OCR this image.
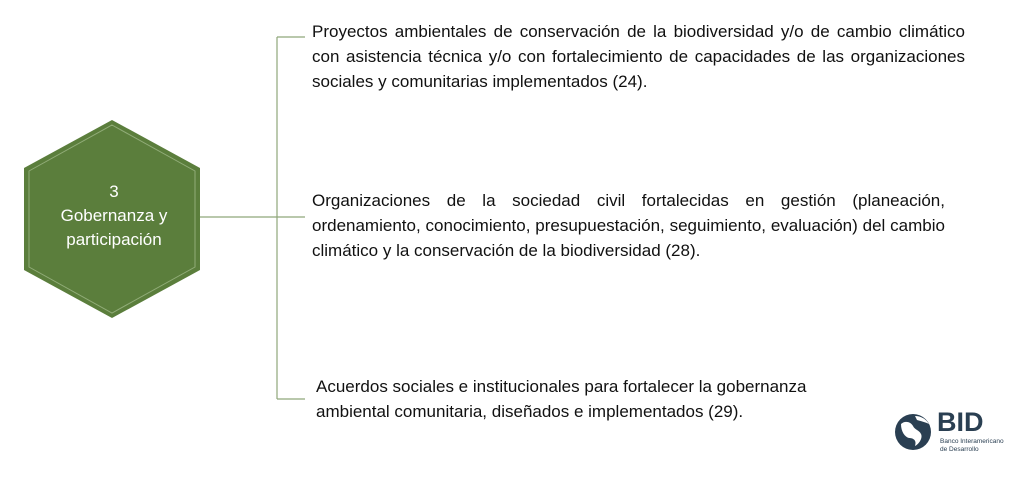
3
Gobernanza y
participación
Proyectos ambientales de conservación de la biodiversidad y/o de cambio climático con asistencia técnica y/o con fortalecimiento de capacidades de las organizaciones sociales y comunitarias implementados (24).
Organizaciones de la sociedad civil fortalecidas en gestión (planeación, ordenamiento, conocimiento, presupuestación, seguimiento, evaluación) del cambio climático y la conservación de la biodiversidad (28).
Acuerdos sociales e institucionales para fortalecer la gobernanza ambiental comunitaria, diseñados e implementados (29).	BID
Banco Interamericano
de Desarrollo
